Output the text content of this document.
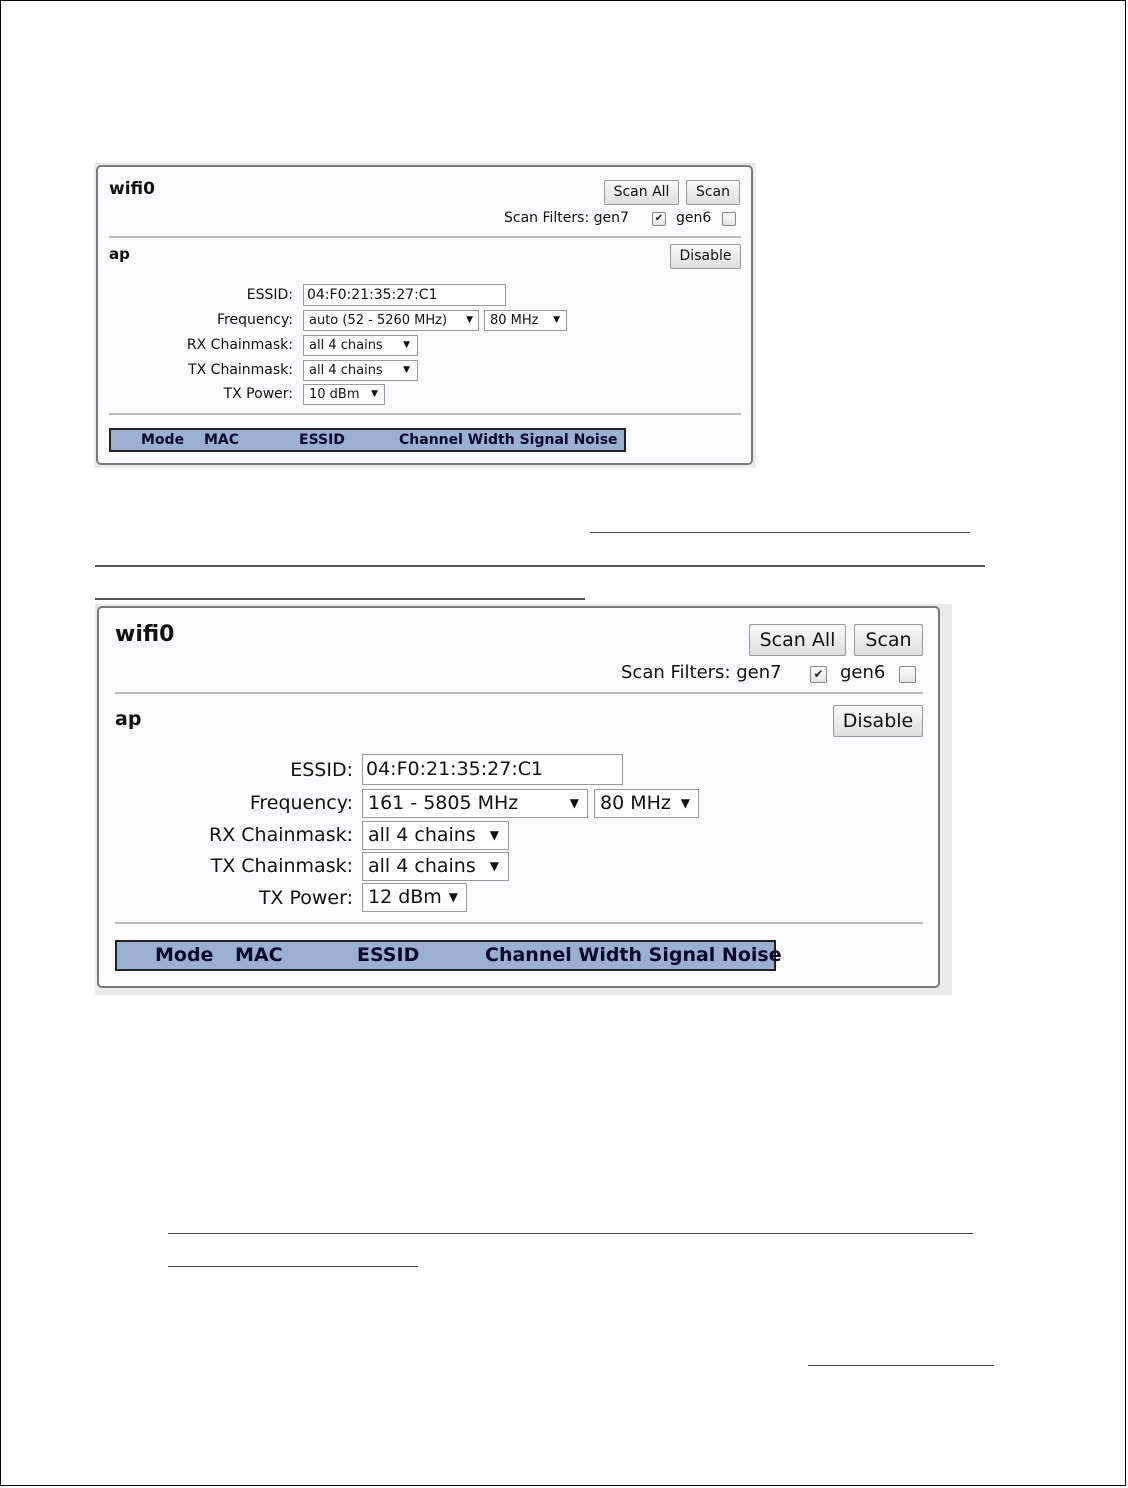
wifi0	Scan All	Scan
Scan Filters: gen7	✔ gen6
ap	Disable
ESSID: 04:F0:21:35:27:C1
Frequency: auto (52 - 5260 MHz) ▼ 80 MHz ▼
RX Chainmask: all 4 chains ▼
TX Chainmask: all 4 chains ▼
TX Power: 10 dBm ▼
Mode MAC	ESSID	Channel Width Signal Noise
wifi0	Scan All	Scan
Scan Filters: gen7	✔ gen6
ap	Disable
ESSID: 04:F0:21:35:27:C1
Frequency: 161 - 5805 MHz	▼ 80 MHz ▼
RX Chainmask: all 4 chains ▼
TX Chainmask: all 4 chains ▼
TX Power: 12 dBm ▼
Mode MAC	ESSID	Channel Width Signal Noise
